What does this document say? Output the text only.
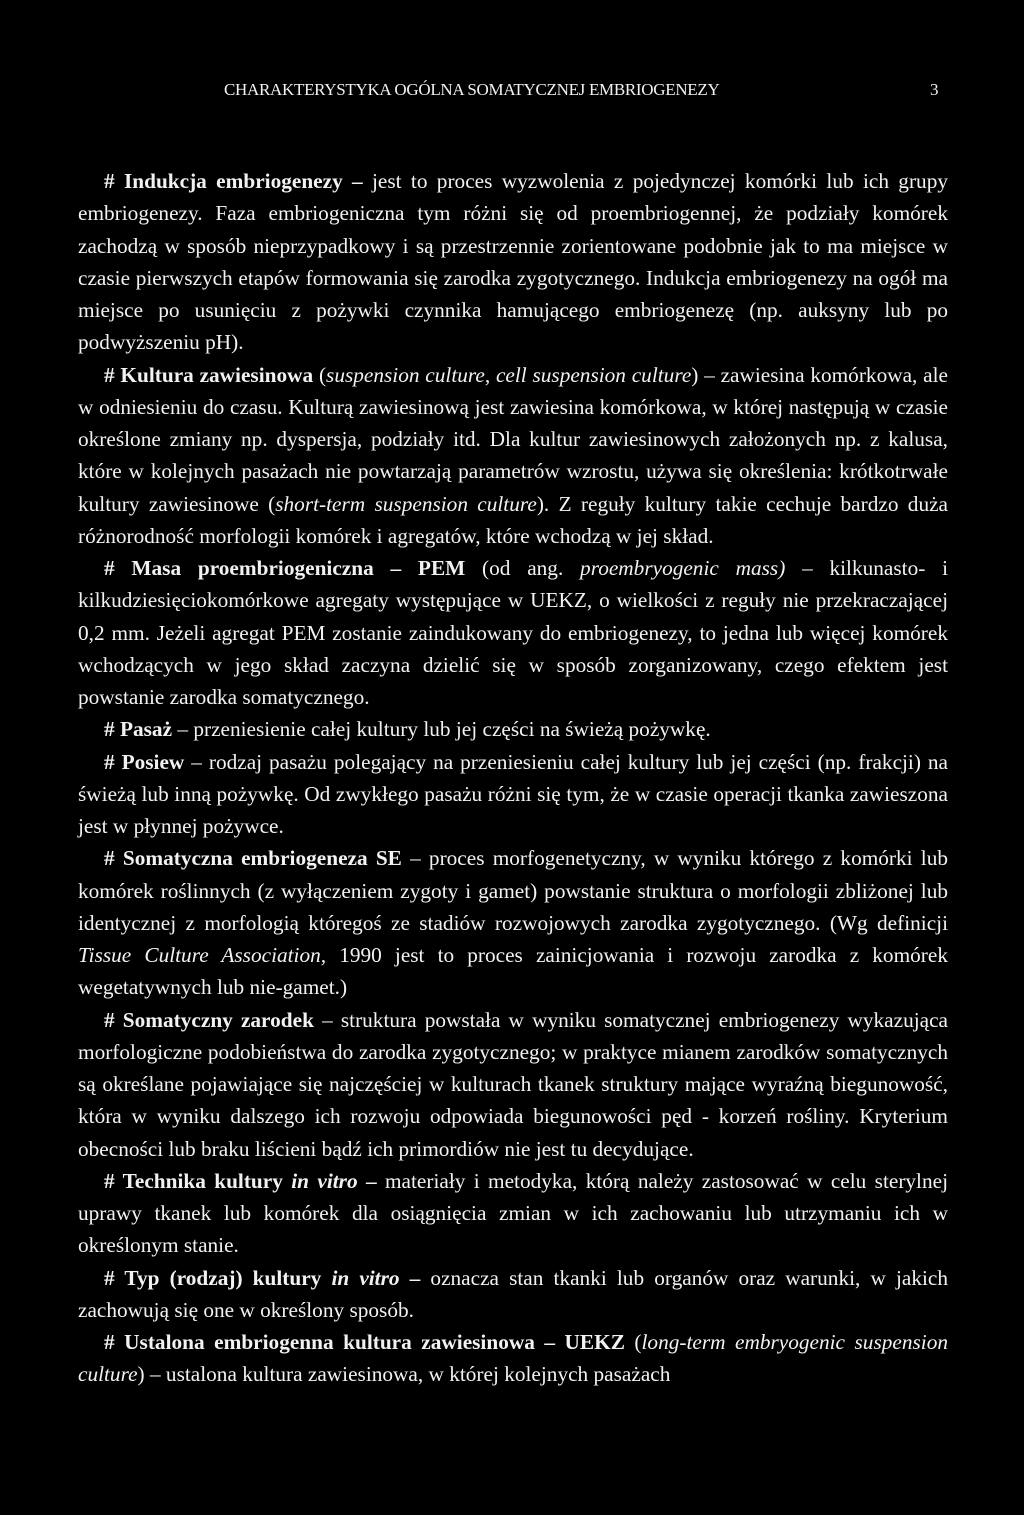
CHARAKTERYSTYKA OGÓLNA SOMATYCZNEJ EMBRIOGENEZY	3

# Indukcja embriogenezy – jest to proces wyzwolenia z pojedynczej komórki lub ich grupy embriogenezy. Faza embriogeniczna tym różni się od proembriogennej, że podziały komórek zachodzą w sposób nieprzypadkowy i są przestrzennie zorientowane podobnie jak to ma miejsce w czasie pierwszych etapów formowania się zarodka zygotycznego. Indukcja embriogenezy na ogół ma miejsce po usunięciu z pożywki czynnika hamującego embriogenezę (np. auksyny lub po podwyższeniu pH).

# Kultura zawiesinowa (suspension culture, cell suspension culture) – zawiesina komórkowa, ale w odniesieniu do czasu. Kulturą zawiesinową jest zawiesina komórkowa, w której następują w czasie określone zmiany np. dyspersja, podziały itd. Dla kultur zawiesinowych założonych np. z kalusa, które w kolejnych pasażach nie powtarzają parametrów wzrostu, używa się określenia: krótkotrwałe kultury zawiesinowe (short-term suspension culture). Z reguły kultury takie cechuje bardzo duża różnorodność morfologii komórek i agregatów, które wchodzą w jej skład.

# Masa proembriogeniczna – PEM (od ang. proembryogenic mass) – kilkunasto- i kilkudziesięciokomórkowe agregaty występujące w UEKZ, o wielkości z reguły nie przekraczającej 0,2 mm. Jeżeli agregat PEM zostanie zaindukowany do embriogenezy, to jedna lub więcej komórek wchodzących w jego skład zaczyna dzielić się w sposób zorganizowany, czego efektem jest powstanie zarodka somatycznego.

# Pasaż – przeniesienie całej kultury lub jej części na świeżą pożywkę.

# Posiew – rodzaj pasażu polegający na przeniesieniu całej kultury lub jej części (np. frakcji) na świeżą lub inną pożywkę. Od zwykłego pasażu różni się tym, że w czasie operacji tkanka zawieszona jest w płynnej pożywce.

# Somatyczna embriogeneza SE – proces morfogenetyczny, w wyniku którego z komórki lub komórek roślinnych (z wyłączeniem zygoty i gamet) powstanie struktura o morfologii zbliżonej lub identycznej z morfologią któregoś ze stadiów rozwojowych zarodka zygotycznego. (Wg definicji Tissue Culture Association, 1990 jest to proces zainicjowania i rozwoju zarodka z komórek wegetatywnych lub nie-gamet.)

# Somatyczny zarodek – struktura powstała w wyniku somatycznej embriogenezy wykazująca morfologiczne podobieństwa do zarodka zygotycznego; w praktyce mianem zarodków somatycznych są określane pojawiające się najczęściej w kulturach tkanek struktury mające wyraźną biegunowość, która w wyniku dalszego ich rozwoju odpowiada biegunowości pęd - korzeń rośliny. Kryterium obecności lub braku liścieni bądź ich primordiów nie jest tu decydujące.

# Technika kultury in vitro – materiały i metodyka, którą należy zastosować w celu sterylnej uprawy tkanek lub komórek dla osiągnięcia zmian w ich zachowaniu lub utrzymaniu ich w określonym stanie.

# Typ (rodzaj) kultury in vitro – oznacza stan tkanki lub organów oraz warunki, w jakich zachowują się one w określony sposób.

# Ustalona embriogenna kultura zawiesinowa – UEKZ (long-term embryogenic suspension culture) – ustalona kultura zawiesinowa, w której kolejnych pasażach
